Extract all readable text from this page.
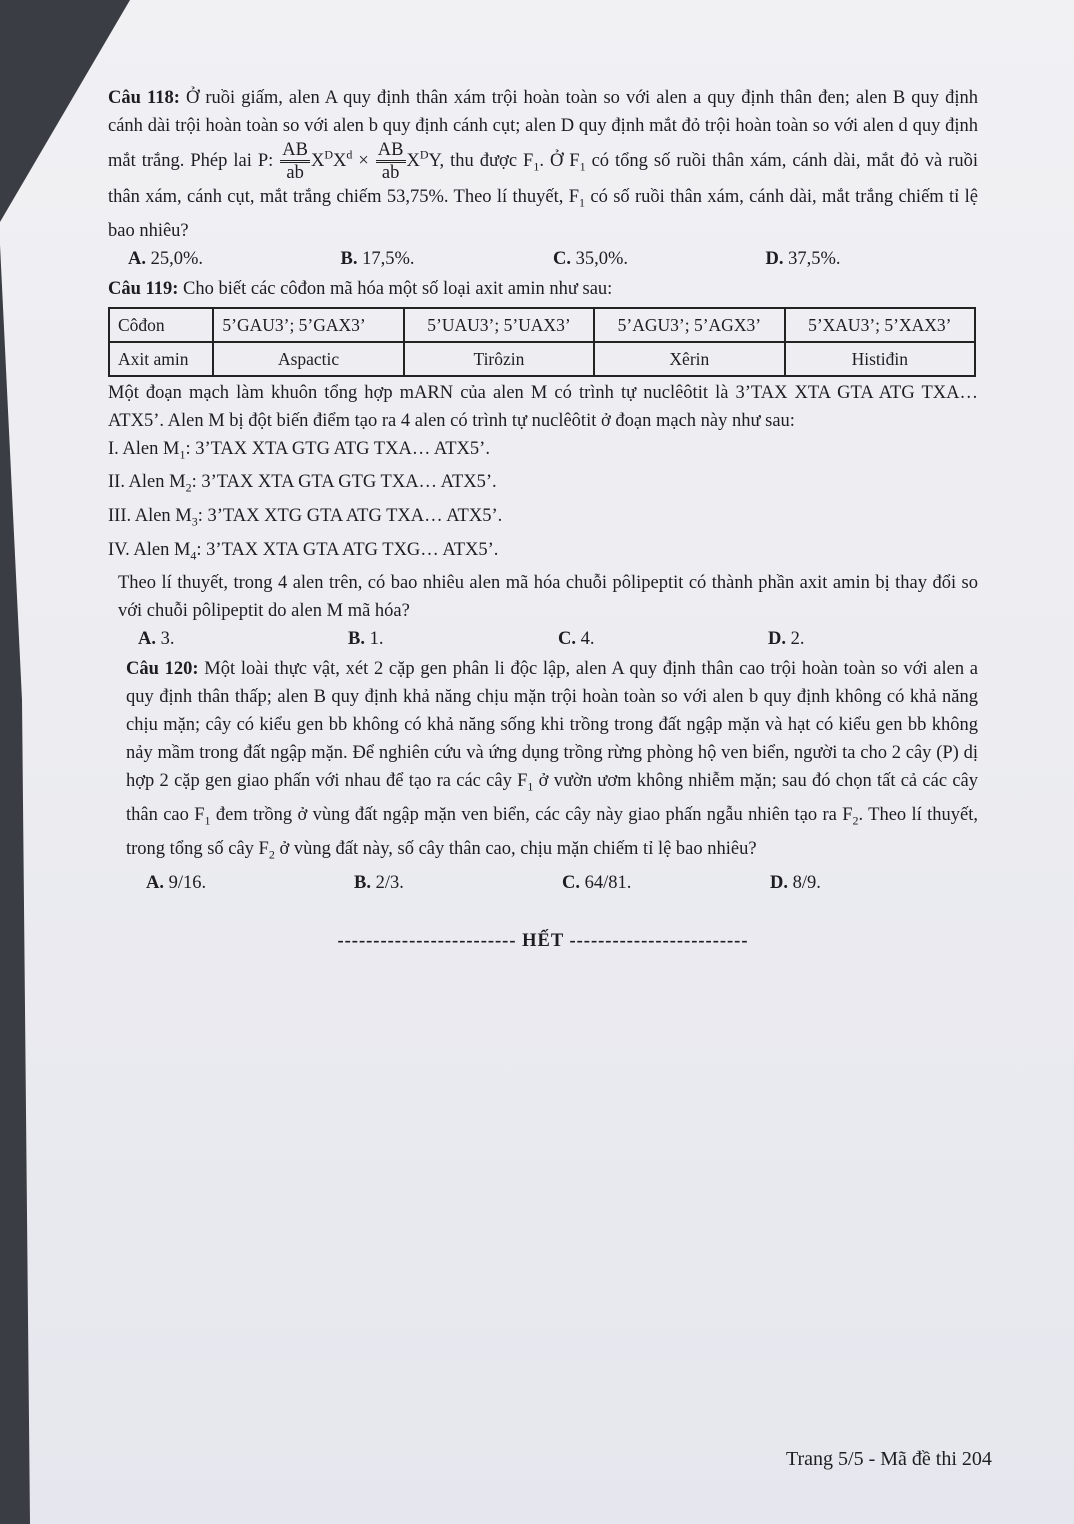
Câu 118: Ở ruồi giấm, alen A quy định thân xám trội hoàn toàn so với alen a quy định thân đen; alen B quy định cánh dài trội hoàn toàn so với alen b quy định cánh cụt; alen D quy định mắt đỏ trội hoàn toàn so với alen d quy định mắt trắng. Phép lai P: $\frac{AB}{ab} X^DX^d \times \frac{AB}{ab} X^DY$, thu được $F_1$. Ở $F_1$ có tổng số ruồi thân xám, cánh dài, mắt đỏ và ruồi thân xám, cánh cụt, mắt trắng chiếm 53,75%. Theo lí thuyết, $F_1$ có số ruồi thân xám, cánh dài, mắt trắng chiếm tỉ lệ bao nhiêu?

A. 25,0%.	B. 17,5%.	C. 35,0%.	D. 37,5%.

Câu 119: Cho biết các côđon mã hóa một số loại axit amin như sau:

Côđon	5’GAU3’; 5’GAX3’	5’UAU3’; 5’UAX3’	5’AGU3’; 5’AGX3’	5’XAU3’; 5’XAX3’
Axit amin	Aspactic	Tirôzin	Xêrin	Histiđin

Một đoạn mạch làm khuôn tổng hợp mARN của alen M có trình tự nuclêôtit là 3’TAX XTA GTA ATG TXA… ATX5’. Alen M bị đột biến điểm tạo ra 4 alen có trình tự nuclêôtit ở đoạn mạch này như sau:

I. Alen $M_1$: 3’TAX XTA GTG ATG TXA… ATX5’.

II. Alen $M_2$: 3’TAX XTA GTA GTG TXA… ATX5’.

III. Alen $M_3$: 3’TAX XTG GTA ATG TXA… ATX5’.

IV. Alen $M_4$: 3’TAX XTA GTA ATG TXG… ATX5’.

Theo lí thuyết, trong 4 alen trên, có bao nhiêu alen mã hóa chuỗi pôlipeptit có thành phần axit amin bị thay đổi so với chuỗi pôlipeptit do alen M mã hóa?

A. 3.	B. 1.	C. 4.	D. 2.

Câu 120: Một loài thực vật, xét 2 cặp gen phân li độc lập, alen A quy định thân cao trội hoàn toàn so với alen a quy định thân thấp; alen B quy định khả năng chịu mặn trội hoàn toàn so với alen b quy định không có khả năng chịu mặn; cây có kiểu gen bb không có khả năng sống khi trồng trong đất ngập mặn và hạt có kiểu gen bb không nảy mầm trong đất ngập mặn. Để nghiên cứu và ứng dụng trồng rừng phòng hộ ven biển, người ta cho 2 cây (P) dị hợp 2 cặp gen giao phấn với nhau để tạo ra các cây $F_1$ ở vườn ươm không nhiễm mặn; sau đó chọn tất cả các cây thân cao $F_1$ đem trồng ở vùng đất ngập mặn ven biển, các cây này giao phấn ngẫu nhiên tạo ra $F_2$. Theo lí thuyết, trong tổng số cây $F_2$ ở vùng đất này, số cây thân cao, chịu mặn chiếm tỉ lệ bao nhiêu?

A. 9/16.	B. 2/3.	C. 64/81.	D. 8/9.
------------------------- HẾT -------------------------
Trang 5/5 - Mã đề thi 204
